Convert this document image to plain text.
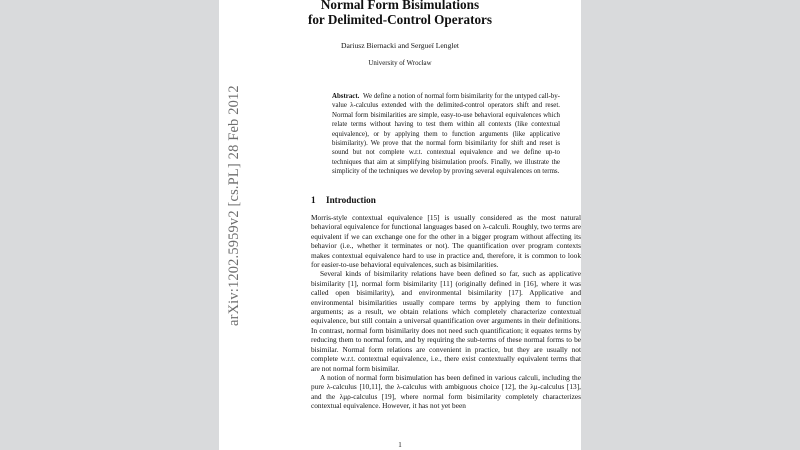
arXiv:1202.5959v2 [cs.PL] 28 Feb 2012
Normal Form Bisimulations
for Delimited-Control Operators
Dariusz Biernacki and Sergueï Lenglet
University of Wrocław
Abstract. We define a notion of normal form bisimilarity for the untyped call-by-value λ-calculus extended with the delimited-control operators shift and reset. Normal form bisimilarities are simple, easy-to-use behavioral equivalences which relate terms without having to test them within all contexts (like contextual equivalence), or by applying them to function arguments (like applicative bisimilarity). We prove that the normal form bisimilarity for shift and reset is sound but not complete w.r.t. contextual equivalence and we define up-to techniques that aim at simplifying bisimulation proofs. Finally, we illustrate the simplicity of the techniques we develop by proving several equivalences on terms.
1 Introduction

Morris-style contextual equivalence [15] is usually considered as the most natural behavioral equivalence for functional languages based on λ-calculi. Roughly, two terms are equivalent if we can exchange one for the other in a bigger program without affecting its behavior (i.e., whether it terminates or not). The quantification over program contexts makes contextual equivalence hard to use in practice and, therefore, it is common to look for easier-to-use behavioral equivalences, such as bisimilarities.

Several kinds of bisimilarity relations have been defined so far, such as applicative bisimilarity [1], normal form bisimilarity [11] (originally defined in [16], where it was called open bisimilarity), and environmental bisimilarity [17]. Applicative and environmental bisimilarities usually compare terms by applying them to function arguments; as a result, we obtain relations which completely characterize contextual equivalence, but still contain a universal quantification over arguments in their definitions. In contrast, normal form bisimilarity does not need such quantification; it equates terms by reducing them to normal form, and by requiring the sub-terms of these normal forms to be bisimilar. Normal form relations are convenient in practice, but they are usually not complete w.r.t. contextual equivalence, i.e., there exist contextually equivalent terms that are not normal form bisimilar.

A notion of normal form bisimulation has been defined in various calculi, including the pure λ-calculus [10,11], the λ-calculus with ambiguous choice [12], the λμ-calculus [13], and the λμρ-calculus [19], where normal form bisimilarity completely characterizes contextual equivalence. However, it has not yet been

1
